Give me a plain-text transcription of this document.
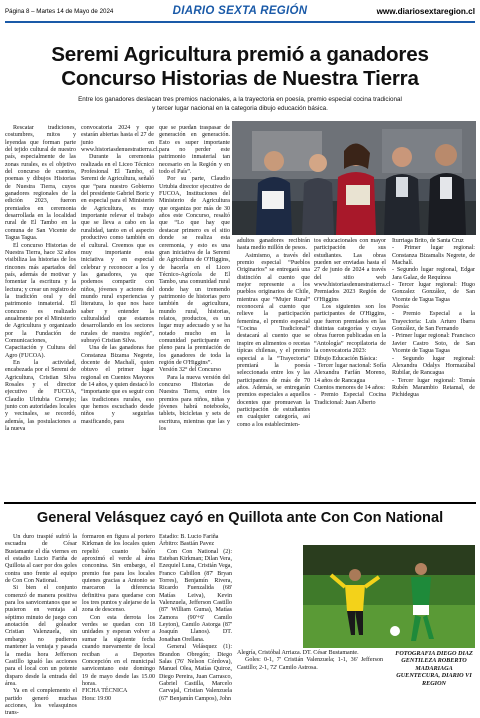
Página 8 – Martes 14 de Mayo de 2024	DIARIO SEXTA REGIÓN	www.diariosextaregion.cl
Seremi Agricultura premió a ganadores
Concurso Historias de Nuestra Tierra
Entre los ganadores deslacan tres premios nacionales, a la trayectoria en poesía, premio especial cocina tradicional
y tercer lugar nacional en la categoria dibujo educación básica.

Rescatar tradiciones, costumbres, mitos y leyendas que forman parte del tejido cultural de nuestro país, especialmente de las zonas rurales, es el objetivo del concurso de cuentos, poemas y dibujos Historias de Nuestra Tierra, cuyos ganadores regionales de la edición 2023, fueron premiados en ceremonia desarrollada en la localidad rural de El Tambo en la comuna de San Vicente de Tagua Tagua.

El concurso Historias de Nuestra Tierra, hace 32 años visibiliza las historias de los rincones más apartados del país, además de motivar y fomentar la escritura y la lectura; y crear un registro de la tradición oral y del patrimonio inmaterial. El concurso es realizado anualmente por el Ministerio de Agricultura y organizado por la Fundación de Comunicaciones, Capacitación y Cultura del Agro (FUCOA).

En la actividad, encabezada por el Seremi de Agricultura, Cristian Silva Rosales y el director ejecutivo de FUCOA, Claudio Ulrtubia Cornejo; junto con autoridades locales y vecinales, se recordó, además, las postulaciones a la nueva

convocatoria 2024 y que estarán abiertas hasta el 27 de junio en www.historiasdenuestratierra.cl.

Durante la ceremonia realizada en el Liceo Técnico Profesional El Tambo, el Seremi de Agricultura, señaló que “para nuestro Gobierno del presidente Gabriel Boric y en especial para el Ministerio de Agricultura, es muy importante relevar el trabajo que se lleva a cabo en la ruralidad, tanto en el aspecto productivo como también en el cultural. Creemos que es muy importante esta iniciativa y en especial celebrar y reconocer a los y las ganadores, ya que podemos compartir con niños, jóvenes y actores del mundo rural experiencias y literatura, lo que nos hace saber y entender la culturalidad que estamos desarrollando en los sectores rurales de nuestra región”, subrayó Cristian Silva.

Una de las ganadoras fue Constanza Bizama Negrete, docente de Machalí, quien obtuvo el primer lugar regional en Cuentos Mayores de 14 años, y quien destacó lo “importante que es seguir con las tradiciones rurales, eso que hemos escuchado desde niños y seguirlas masificando, para

que se puedan traspasar de generación en generación. Esto es super importante para no perder este patrimonio inmaterial tan necesario en la Región y en todo el País”.

Por su parte, Claudio Urtubia director ejecutivo de FUCOA, Instituciones del Ministerio de Agricultura que organiza por más de 30 años este Concurso, resaltó que “Lo que hay que destacar primero es el sitio donde se realiza esta ceremonia, y esto es una gran iniciativa de la Seremi de Agricultura de O'Higgins, de hacerla en el Liceo Técnico-Agrícola de El Tambo, una comunidad rural donde hay un tremendo patrimonio de historias pero también de agricultura, mundo rural, historias, relatos, productos, es un lugar muy adecuado y se ha notado mucho en la comunidad participante en pleno para la premiación de los ganadores de toda la región de O'Higgins”.

Versión 32° del Concurso

Para la nueva versión del concurso Historias de Nuestra Tierra, entre los premios para niños, niñas y jóvenes habrá notebooks, tablets, bicicletas y sets de escritura, mientras que las y los

adultos ganadores recibirán hasta medio millón de pesos.

Asimismo, a través del premio especial “Pueblos Originarios” se entregará una distinción al cuento que mejor represente a los pueblos originarios de Chile, mientras que “Mujer Rural” reconocerá al cuento que relieve la participación femenina, el premio especial “Cocina Tradicional” destacará al cuento que se inspire en alimentos o recetas típicas chilenas, y el premio especial a la “Trayectoria” premiará la poesía seleccionada entre los y las participantes de más de 70 años. Además, se entregarán premios especiales a aquellos docentes que promuevan la participación de estudiantes en cualquier categoría, así como a los establecimien-

tos educacionales con mayor participación de sus estudiantes. Las obras pueden ser enviadas hasta el 27 de junio de 2024 a través del sitio web www.historiasdenuestratierra.cl

Premiados 2023 Región de O'Higgins

Los siguientes son los participantes de O'Higgins, que fueron premiados en las distintas categorías y cuyas obras fueron publicadas en la “Antología” recopilatoria de la convocatoria 2023:

Dibujo Educación Básica:

- Tercer lugar nacional: Sofía Alexandra Farfán Moreno, 14 años de Rancagua

Cuentos menores de 14 años:

- Premio Especial Cocina Tradicional: Juan Alberto

Iturriaga Brito, de Santa Cruz

- Primer lugar regional: Constanza Bizamalis Negrete, de Machalí.

- Segundo lugar regional, Edgar Jara Galaz, de Requínoa

- Tercer lugar regional: Hugo Gonzalez González, de San Vicente de Tagua Tagua

Poesía:

- Premio Especial a la Trayectoria: Luis Arturo Ibarra González, de San Fernando

- Primer lugar regional: Francisco Javier Castro Soto, de San Vicente de Tagua Tagua

- Segundo lugar regional: Alexandra Odalys Hormazábal Rubilar, de Rancagua

- Tercer lugar regional: Tomás Rubén Marambio Retamal, de Pichidegua

General Velásquez cayó en Quillota ante Con Con National

Un duro traspié sufrió la escuadra de César Bustamante el día viernes en el estadio Lucio Fariña de Quillota al caer por dos goles contra uno frente al equipo de Con Con National.

Si bien el conjunto comenzó de manera positiva para los sanvicentanos que se pusieron en ventaja al séptimo minuto de juego con anotación del goleador Cristian Valenzuela, sin embargo no pudieron mantener la ventaja y pasada la media hora Jefferson Castillo igualó las acciones para el local con un potente disparo desde la entrada del área.

Ya en el complemento el partido generó muchas acciones, los velasquinos trans-

formaron en figura al portero Kirkman de los locales quien repelió cuanto balón aproximó el verde al área conconina. Sin embargo, el premio fue para los locales quienes gracias a Antonio se marcaron la diferencia definitiva para quedarse con los tres puntos y alejarse de la zona de descenso.

Con esta derrota los verdes se quedan con 18 unidades y esperan volver a sumar la siguiente fecha cuando nuevamente de local reciban a Deportes Concepción en el municipal sanvicentano este domingo 19 de mayo desde las 15.00 horas.

FICHA TÉCNICA

Hora: 19:00

Estadio: B. Lucio Fariña

Árbitro: Bastián Pavez

Con Con National (2): Esteban Kirkman; Dilan Vera, Ezequiel Luna, Cristián Vega, Franco Cabillon (87' Bryan Torres), Benjamín Rivera, Ricardo Fuenzalida (68' Matías Leiva), Kevin Valenzuela, Jefferson Castillo (87' William Guma), Matías Zamora (90'+6' Camilo Leyton), Camilo Astorga (87' Joaquín Llanos). DT. Jonathan Orellana.

General Velásquez (1): Brandon Obregón; Diego Salas (76' Nelson Córdova), Manuel Olea, Matías Quiroz, Diego Pereira, Juan Carrasco, Gabriel Castilla, Marcelo Carvajal, Cristian Valenzuela (67' Benjamín Campos), John

Alegría, Cristóbal Arriaza. DT. César Bustamante.

Goles: 0-1, 7' Cristián Valenzuela; 1-1, 36' Jefferson Castillo; 2-1, 72' Camilo Astrosa.

FOTOGRAFIA DIEGO DIAZ GENTILEZA ROBERTO MADARIAGA GUENTECURA, DIARIO VI REGION
